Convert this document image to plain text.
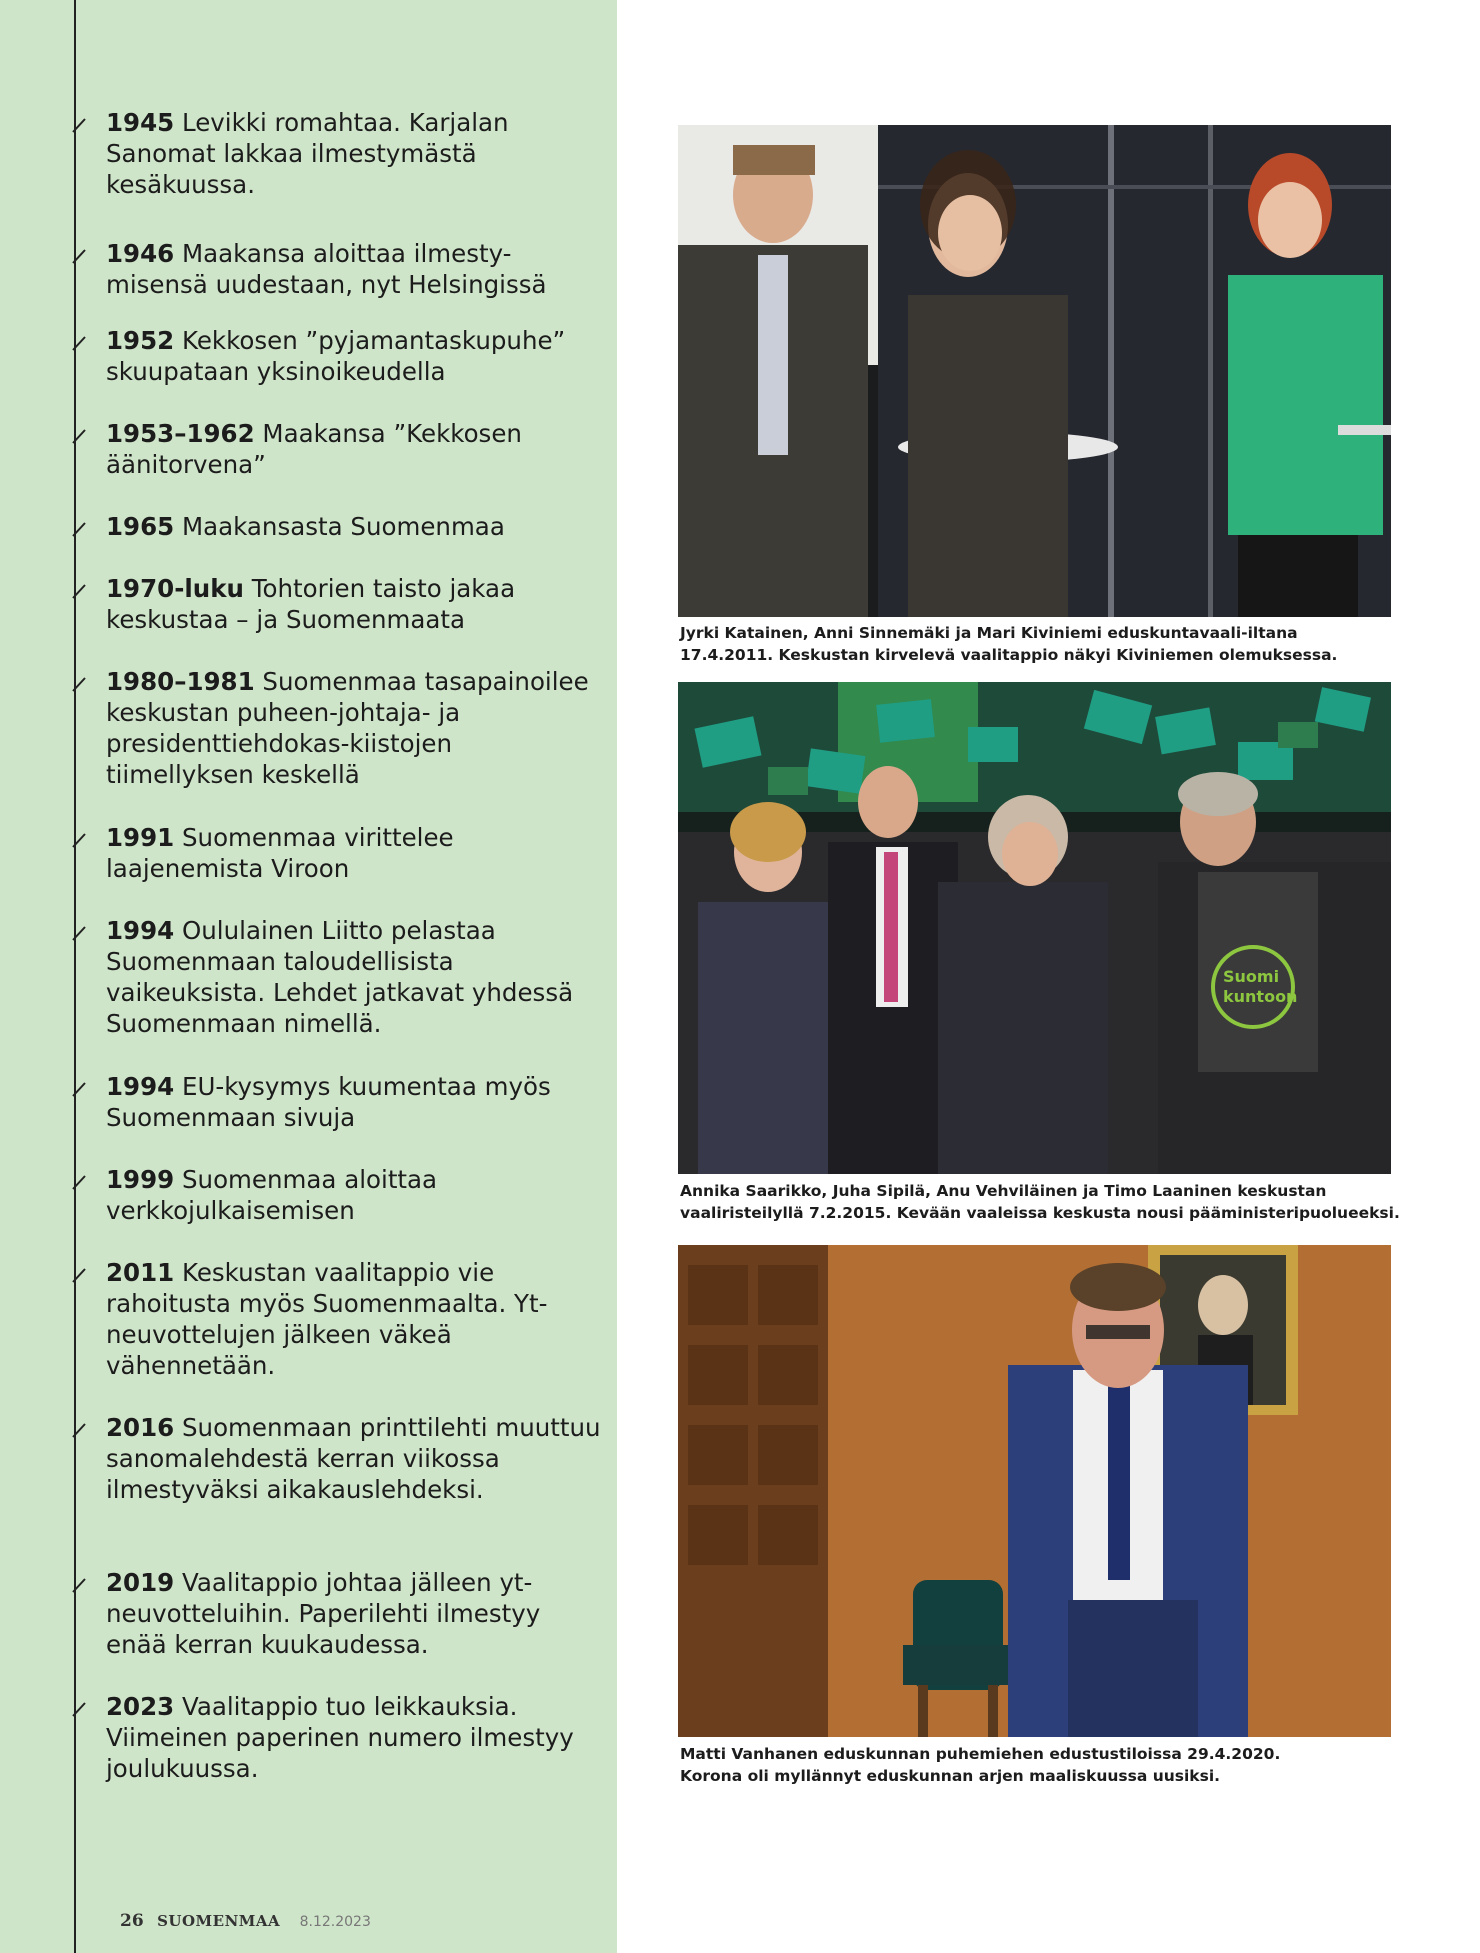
1945 Levikki romahtaa. Karjalan Sanomat lakkaa ilmestymästä kesäkuussa.
1946 Maakansa aloittaa ilmesty-misensä uudestaan, nyt Helsingissä
1952 Kekkosen ”pyjamantaskupuhe” skuupataan yksinoikeudella
1953–1962 Maakansa ”Kekkosen äänitorvena”
1965 Maakansasta Suomenmaa
1970-luku Tohtorien taisto jakaa keskustaa – ja Suomenmaata
1980–1981 Suomenmaa tasapainoilee keskustan puheen-johtaja- ja presidenttiehdokas-kiistojen tiimellyksen keskellä
1991 Suomenmaa virittelee laajenemista Viroon
1994 Oululainen Liitto pelastaa Suomenmaan taloudellisista vaikeuksista. Lehdet jatkavat yhdessä Suomenmaan nimellä.
1994 EU-kysymys kuumentaa myös Suomenmaan sivuja
1999 Suomenmaa aloittaa verkkojulkaisemisen
2011 Keskustan vaalitappio vie rahoitusta myös Suomenmaalta. Yt-neuvottelujen jälkeen väkeä vähennetään.
2016 Suomenmaan printtilehti muuttuu sanomalehdestä kerran viikossa ilmestyväksi aikakauslehdeksi.
2019 Vaalitappio johtaa jälleen yt-neuvotteluihin. Paperilehti ilmestyy enää kerran kuukaudessa.
2023 Vaalitappio tuo leikkauksia. Viimeinen paperinen numero ilmestyy joulukuussa.
Jyrki Katainen, Anni Sinnemäki ja Mari Kiviniemi eduskuntavaali-iltana
17.4.2011. Keskustan kirvelevä vaalitappio näkyi Kiviniemen olemuksessa.
Suomi
kuntoon
Annika Saarikko, Juha Sipilä, Anu Vehviläinen ja Timo Laaninen keskustan
vaaliristeilyllä 7.2.2015. Kevään vaaleissa keskusta nousi pääministeripuolueeksi.
Matti Vanhanen eduskunnan puhemiehen edustustiloissa 29.4.2020.
Korona oli myllännyt eduskunnan arjen maaliskuussa uusiksi.
26 SUOMENMAA 8.12.2023
